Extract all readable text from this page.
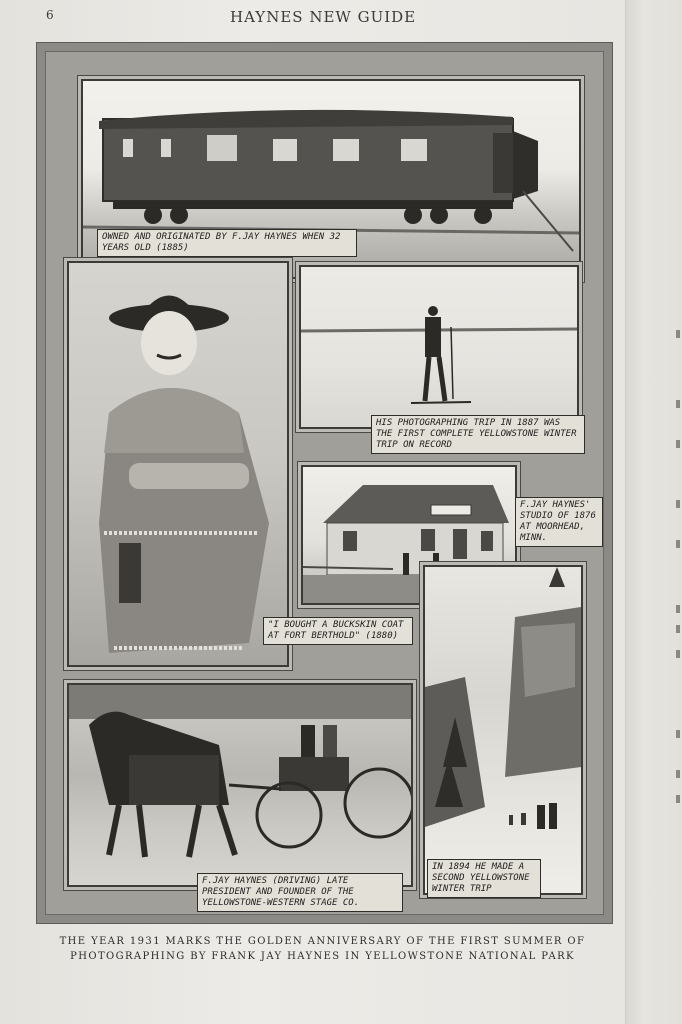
6	HAYNES NEW GUIDE
OWNED AND ORIGINATED BY F.JAY HAYNES WHEN 32 YEARS OLD (1885)
"I BOUGHT A BUCKSKIN COAT AT FORT BERTHOLD" (1880)
HIS PHOTOGRAPHING TRIP IN 1887 WAS THE FIRST COMPLETE YELLOWSTONE WINTER TRIP ON RECORD
F.JAY HAYNES' STUDIO OF 1876 AT MOORHEAD, MINN.
IN 1894 HE MADE A SECOND YELLOWSTONE WINTER TRIP
F.JAY HAYNES (DRIVING) LATE PRESIDENT AND FOUNDER OF THE YELLOWSTONE-WESTERN STAGE CO.
THE YEAR 1931 MARKS THE GOLDEN ANNIVERSARY OF THE FIRST SUMMER OF
PHOTOGRAPHING BY FRANK JAY HAYNES IN YELLOWSTONE NATIONAL PARK
